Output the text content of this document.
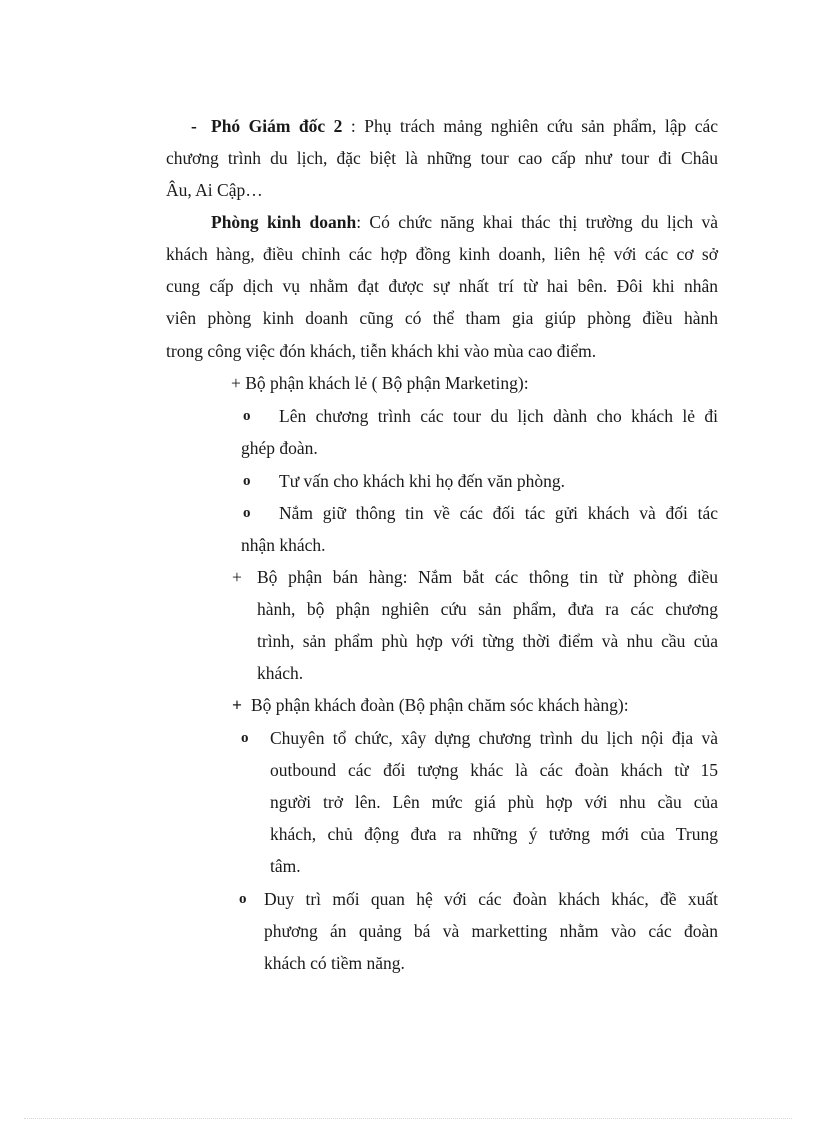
- Phó Giám đốc 2 : Phụ trách mảng nghiên cứu sản phẩm, lập các
chương trình du lịch, đặc biệt là những tour cao cấp như tour đi Châu
Âu, Ai Cập…
Phòng kinh doanh: Có chức năng khai thác thị trường du lịch và
khách hàng, điều chỉnh các hợp đồng kinh doanh, liên hệ với các cơ sở
cung cấp dịch vụ nhằm đạt được sự nhất trí từ hai bên. Đôi khi nhân
viên phòng kinh doanh cũng có thể tham gia giúp phòng điều hành
trong công việc đón khách, tiễn khách khi vào mùa cao điểm.
+ Bộ phận khách lẻ ( Bộ phận Marketing):
o Lên chương trình các tour du lịch dành cho khách lẻ đi
ghép đoàn.
o Tư vấn cho khách khi họ đến văn phòng.
o Nắm giữ thông tin về các đối tác gửi khách và đối tác
nhận khách.
+ Bộ phận bán hàng: Nắm bắt các thông tin từ phòng điều
hành, bộ phận nghiên cứu sản phẩm, đưa ra các chương
trình, sản phẩm phù hợp với từng thời điểm và nhu cầu của
khách.
+ Bộ phận khách đoàn (Bộ phận chăm sóc khách hàng):
o Chuyên tổ chức, xây dựng chương trình du lịch nội địa và
outbound các đối tượng khác là các đoàn khách từ 15
người trở lên. Lên mức giá phù hợp với nhu cầu của
khách, chủ động đưa ra những ý tưởng mới của Trung
tâm.
o Duy trì mối quan hệ với các đoàn khách khác, đề xuất
phương án quảng bá và marketting nhằm vào các đoàn
khách có tiềm năng.
